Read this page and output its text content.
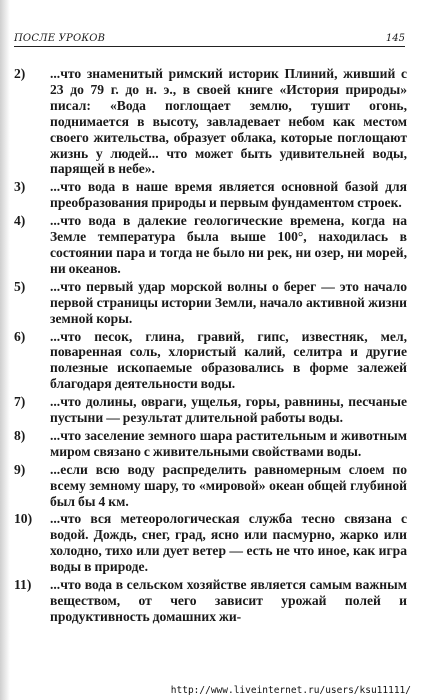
ПОСЛЕ УРОКОВ	145
2)	...что знаменитый римский историк Плиний, живший с 23 до 79 г. до н. э., в своей книге «История природы» писал: «Вода поглощает землю, тушит огонь, поднимается в высоту, завладевает небом как местом своего жительства, образует облака, которые поглощают жизнь у людей... что может быть удивительней воды, парящей в небе».
3)	...что вода в наше время является основной базой для преобразования природы и первым фундаментом строек.
4)	...что вода в далекие геологические времена, когда на Земле температура была выше 100°, находилась в состоянии пара и тогда не было ни рек, ни озер, ни морей, ни океанов.
5)	...что первый удар морской волны о берег — это начало первой страницы истории Земли, начало активной жизни земной коры.
6)	...что песок, глина, гравий, гипс, известняк, мел, поваренная соль, хлористый калий, селитра и другие полезные ископаемые образовались в форме залежей благодаря деятельности воды.
7)	...что долины, овраги, ущелья, горы, равнины, песчаные пустыни — результат длительной работы воды.
8)	...что заселение земного шара растительным и животным миром связано с живительными свойствами воды.
9)	...если всю воду распределить равномерным слоем по всему земному шару, то «мировой» океан общей глубиной был бы 4 км.
10)	...что вся метеорологическая служба тесно связана с водой. Дождь, снег, град, ясно или пасмурно, жарко или холодно, тихо или дует ветер — есть не что иное, как игра воды в природе.
11)	...что вода в сельском хозяйстве является самым важным веществом, от чего зависит урожай полей и продуктивность домашних жи-
http://www.liveinternet.ru/users/ksu11111/
